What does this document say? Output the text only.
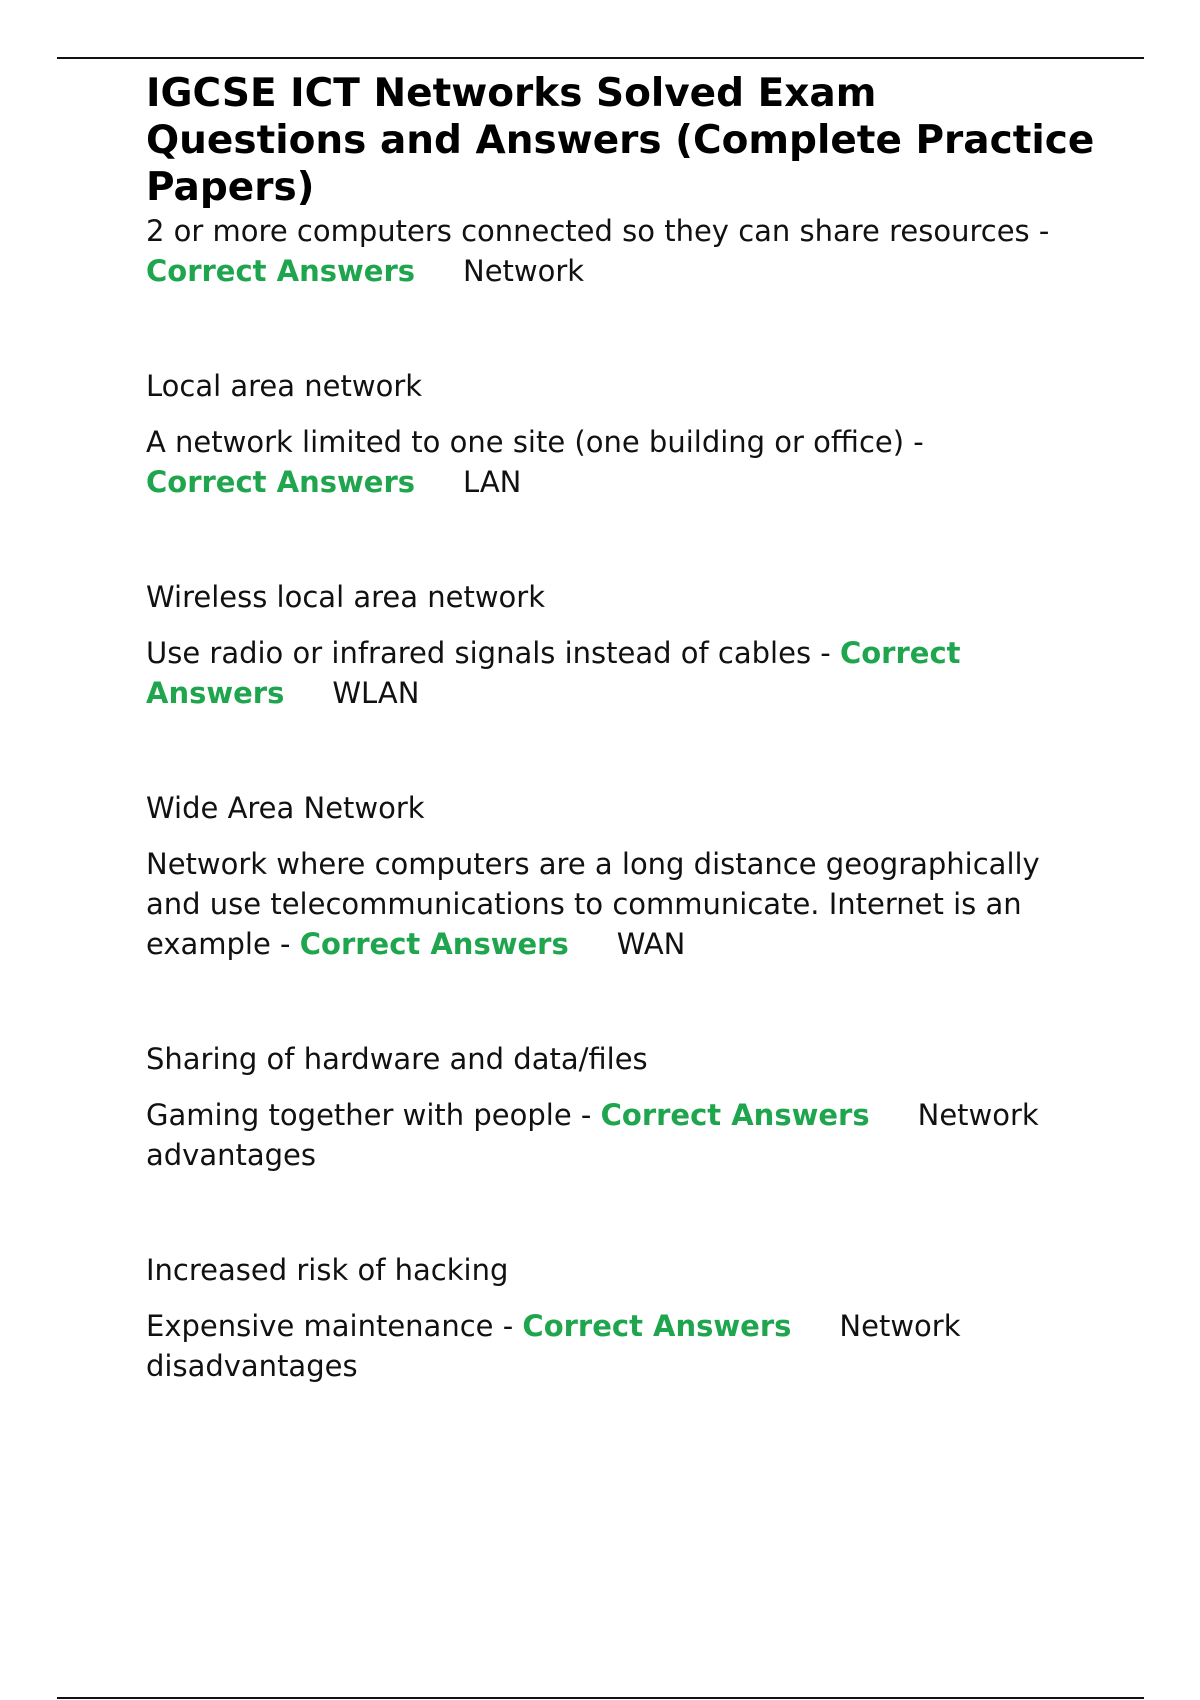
IGCSE ICT Networks Solved Exam Questions and Answers (Complete Practice Papers)

2 or more computers connected so they can share resources - Correct Answers Network

Local area network

A network limited to one site (one building or office) -
Correct Answers LAN

Wireless local area network

Use radio or infrared signals instead of cables - Correct Answers WLAN

Wide Area Network

Network where computers are a long distance geographically and use telecommunications to communicate. Internet is an example - Correct Answers WAN

Sharing of hardware and data/files

Gaming together with people - Correct Answers Network advantages

Increased risk of hacking

Expensive maintenance - Correct Answers Network disadvantages
